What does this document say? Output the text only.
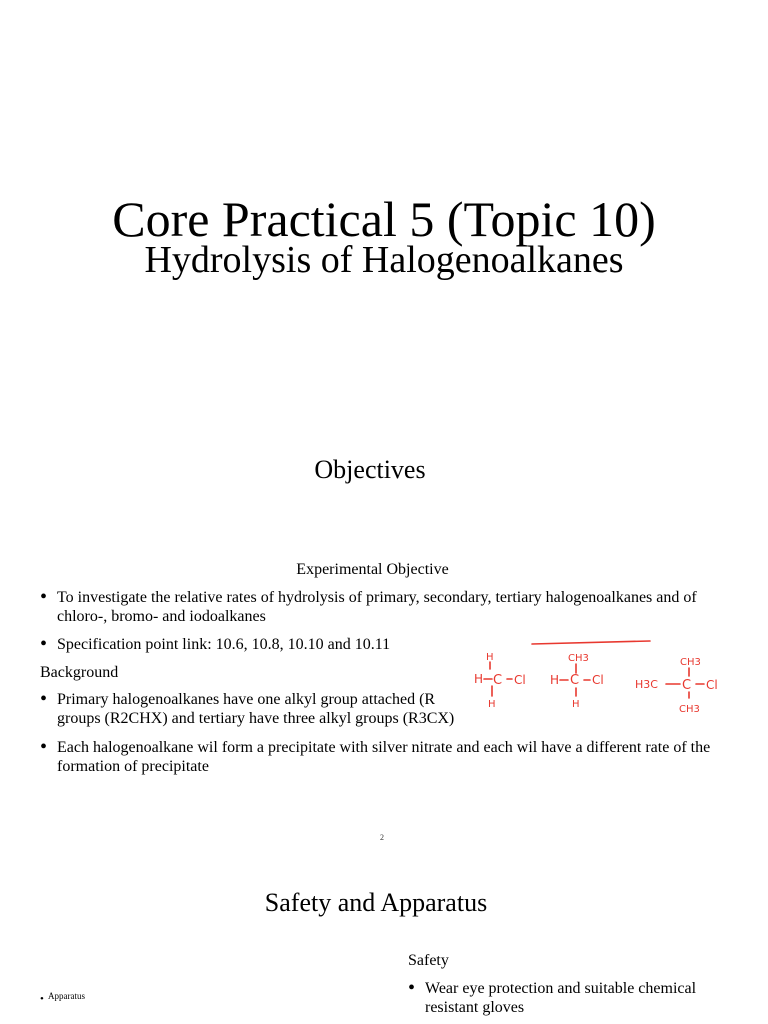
Core Practical 5 (Topic 10)
Hydrolysis of Halogenoalkanes
Objectives
Experimental Objective
• To investigate the relative rates of hydrolysis of primary, secondary, tertiary halogenoalkanes and of chloro-, bromo- and iodoalkanes
• Specification point link: 10.6, 10.8, 10.10 and 10.11
Background
• Primary halogenoalkanes have one alkyl group attached (R groups (R2CHX) and tertiary have three alkyl groups (R3CX)
• Each halogenoalkane wil form a precipitate with silver nitrate and each wil have a different rate of the formation of precipitate
H
H C Cl
H
CH3
H C Cl
H
CH3
H3C C Cl
CH3
2
Safety and Apparatus
• Apparatus
Safety
• Wear eye protection and suitable chemical resistant gloves
